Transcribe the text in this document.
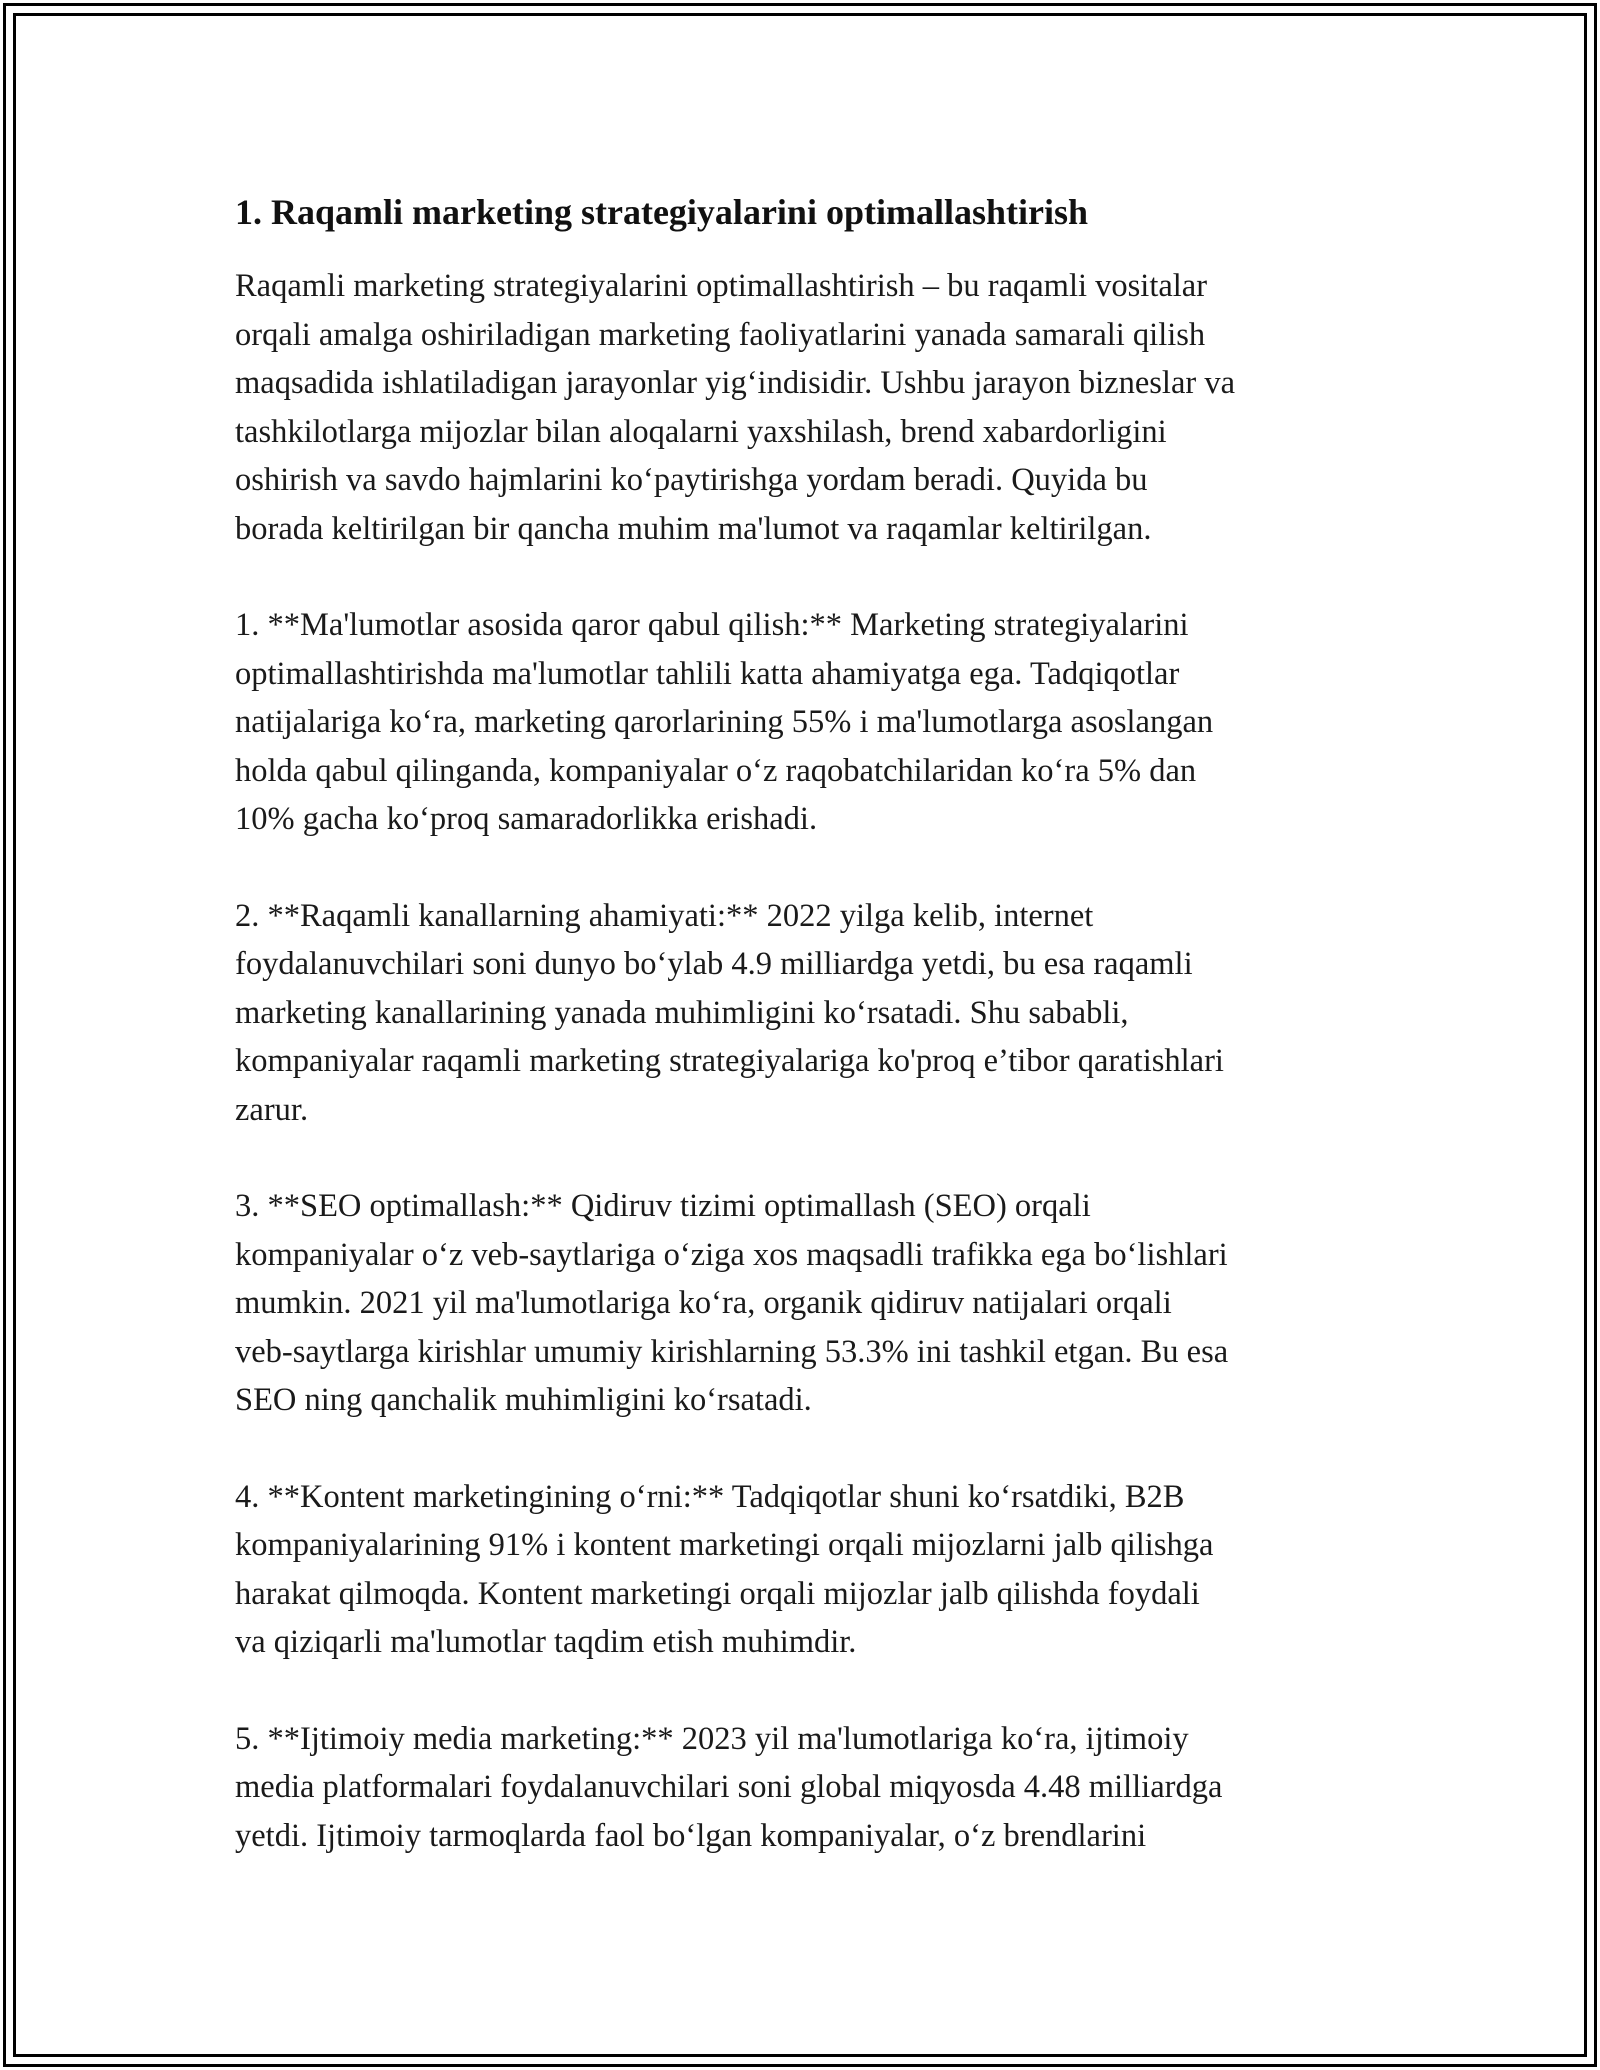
1. Raqamli marketing strategiyalarini optimallashtirish

Raqamli marketing strategiyalarini optimallashtirish – bu raqamli vositalar
orqali amalga oshiriladigan marketing faoliyatlarini yanada samarali qilish
maqsadida ishlatiladigan jarayonlar yig‘indisidir. Ushbu jarayon bizneslar va
tashkilotlarga mijozlar bilan aloqalarni yaxshilash, brend xabardorligini
oshirish va savdo hajmlarini ko‘paytirishga yordam beradi. Quyida bu
borada keltirilgan bir qancha muhim ma'lumot va raqamlar keltirilgan.

1. **Ma'lumotlar asosida qaror qabul qilish:** Marketing strategiyalarini
optimallashtirishda ma'lumotlar tahlili katta ahamiyatga ega. Tadqiqotlar
natijalariga ko‘ra, marketing qarorlarining 55% i ma'lumotlarga asoslangan
holda qabul qilinganda, kompaniyalar o‘z raqobatchilaridan ko‘ra 5% dan
10% gacha ko‘proq samaradorlikka erishadi.

2. **Raqamli kanallarning ahamiyati:** 2022 yilga kelib, internet
foydalanuvchilari soni dunyo bo‘ylab 4.9 milliardga yetdi, bu esa raqamli
marketing kanallarining yanada muhimligini ko‘rsatadi. Shu sababli,
kompaniyalar raqamli marketing strategiyalariga ko'proq e’tibor qaratishlari
zarur.

3. **SEO optimallash:** Qidiruv tizimi optimallash (SEO) orqali
kompaniyalar o‘z veb-saytlariga o‘ziga xos maqsadli trafikka ega bo‘lishlari
mumkin. 2021 yil ma'lumotlariga ko‘ra, organik qidiruv natijalari orqali
veb-saytlarga kirishlar umumiy kirishlarning 53.3% ini tashkil etgan. Bu esa
SEO ning qanchalik muhimligini ko‘rsatadi.

4. **Kontent marketingining o‘rni:** Tadqiqotlar shuni ko‘rsatdiki, B2B
kompaniyalarining 91% i kontent marketingi orqali mijozlarni jalb qilishga
harakat qilmoqda. Kontent marketingi orqali mijozlar jalb qilishda foydali
va qiziqarli ma'lumotlar taqdim etish muhimdir.

5. **Ijtimoiy media marketing:** 2023 yil ma'lumotlariga ko‘ra, ijtimoiy
media platformalari foydalanuvchilari soni global miqyosda 4.48 milliardga
yetdi. Ijtimoiy tarmoqlarda faol bo‘lgan kompaniyalar, o‘z brendlarini
